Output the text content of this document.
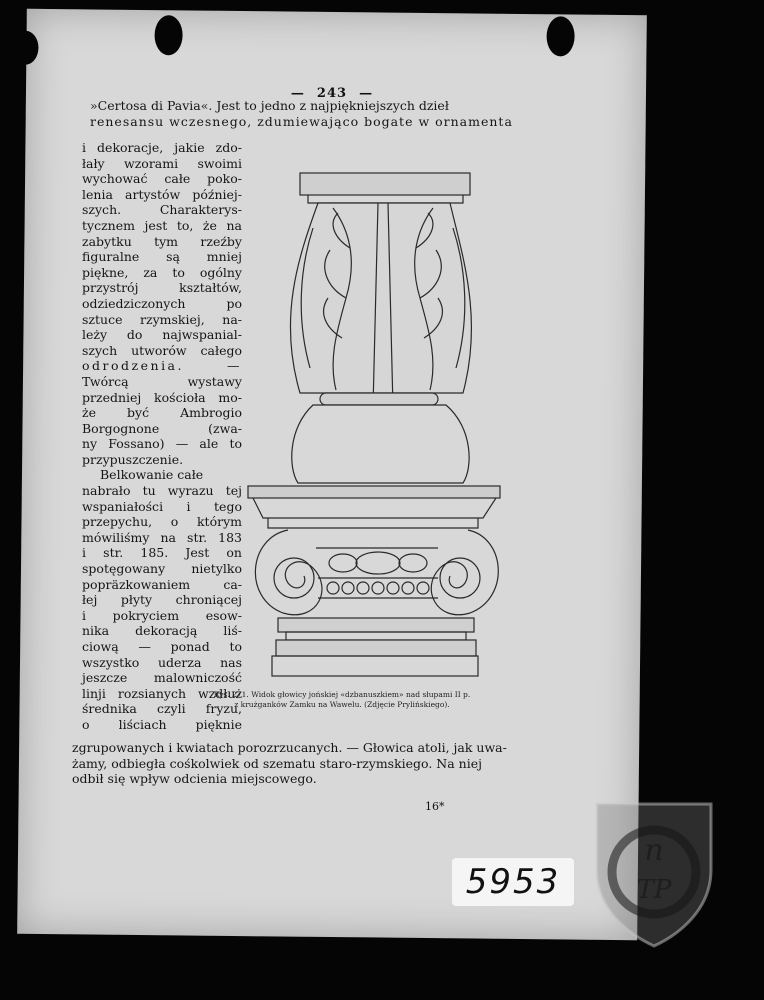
— 243 —
»Certosa di Pavia«. Jest to jedno z najpiękniejszych dzieł
renesansu wczesnego, zdumiewająco bogate w ornamenta
i dekoracje, jakie zdo-
łały wzorami swoimi
wychować całe poko-
lenia artystów później-
szych. Charakterys-
tycznem jest to, że na
zabytku tym rzeźby
figuralne są mniej
piękne, za to ogólny
przystrój kształtów,
odziedziczonych po
sztuce rzymskiej, na-
leży do najwspanial-
szych utworów całego
odrodzenia. —
Twórcą wystawy
przedniej kościoła mo-
że być Ambrogio
Borgognone (zwa-
ny Fossano) — ale to
przypuszczenie.
Belkowanie całe
nabrało tu wyrazu tej
wspaniałości i tego
przepychu, o którym
mówiliśmy na str. 183
i str. 185. Jest on
spotęgowany nietylko
popräzkowaniem ca-
łej płyty chroniącej
i pokryciem esow-
nika dekoracją liś-
ciową — ponad to
wszystko uderza nas
jeszcze malowniczość
linji rozsianych wzdłuż
średnika czyli fryzu,
o liściach pięknie
Rys. 271. Widok głowicy jońskiej «dzbanuszkiem» nad słupami II p.
z krużganków Zamku na Wawelu. (Zdjęcie Prylińskiego).
zgrupowanych i kwiatach porozrzucanych. — Głowica atoli, jak uwa-
żamy, odbiegła cośkolwiek od szematu staro-rzymskiego. Na niej
odbił się wpływ odcienia miejscowego.
16*
5953
n
TP
